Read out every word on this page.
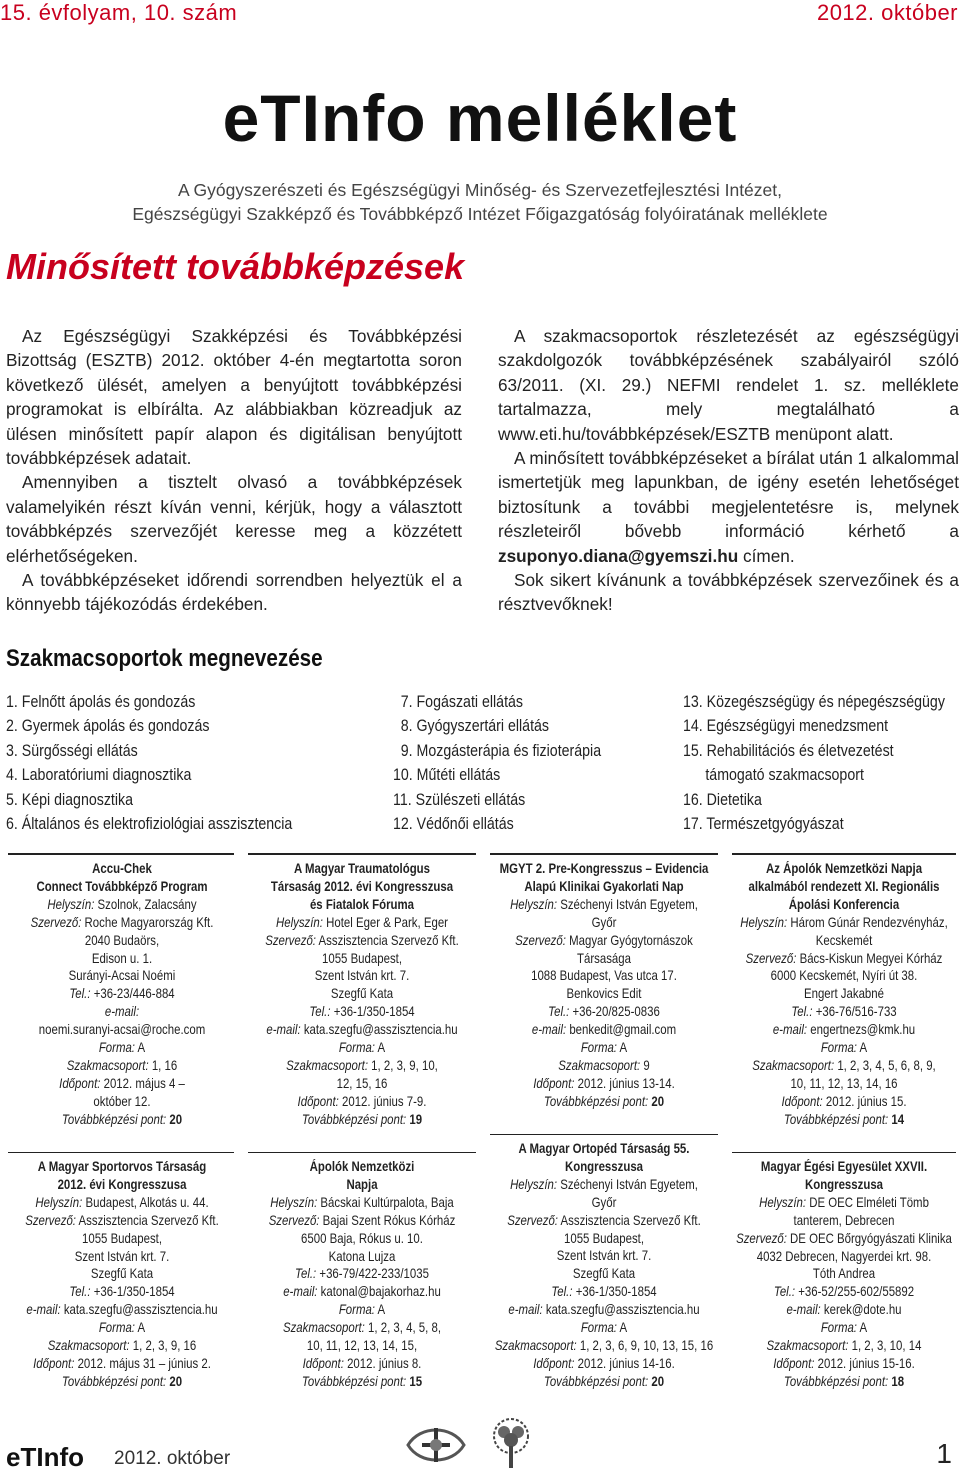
15. évfolyam, 10. szám	2012. október
eTInfo melléklet
A Gyógyszerészeti és Egészségügyi Minőség- és Szervezetfejlesztési Intézet,
Egészségügyi Szakképző és Továbbképző Intézet Főigazgatóság folyóiratának melléklete
Minősített továbbképzések

Az Egészségügyi Szakképzési és Továbbképzési Bizottság (ESZTB) 2012. október 4-én megtartotta soron következő ülését, amelyen a benyújtott továbbképzési programokat is elbírálta. Az alábbiakban közreadjuk az ülésen minősített papír alapon és digitálisan benyújtott továbbképzések adatait.

Amennyiben a tisztelt olvasó a továbbképzések valamelyikén részt kíván venni, kérjük, hogy a választott továbbképzés szervezőjét keresse meg a közzétett elérhetőségeken.

A továbbképzéseket időrendi sorrendben helyeztük el a könnyebb tájékozódás érdekében.

A szakmacsoportok részletezését az egészségügyi szakdolgozók továbbképzésének szabályairól szóló 63/2011. (XI. 29.) NEFMI rendelet 1. sz. melléklete tartalmazza, mely megtalálható a www.eti.hu/továbbképzések/ESZTB menüpont alatt.

A minősített továbbképzéseket a bírálat után 1 alkalommal ismertetjük meg lapunkban, de igény esetén lehetőséget biztosítunk a további megjelentetésre is, melynek részleteiről bővebb információ kérhető a zsuponyo.diana@gyemszi.hu címen.

Sok sikert kívánunk a továbbképzések szervezőinek és a résztvevőknek!

Szakmacsoportok megnevezése
1. Felnőtt ápolás és gondozás
2. Gyermek ápolás és gondozás
3. Sürgősségi ellátás
4. Laboratóriumi diagnosztika
5. Képi diagnosztika
6. Általános és elektrofiziológiai asszisztencia
7. Fogászati ellátás
8. Gyógyszertári ellátás
9. Mozgásterápia és fizioterápia
10. Műtéti ellátás
11. Szülészeti ellátás
12. Védőnői ellátás
13. Közegészségügy és népegészségügy
14. Egészségügyi menedzsment
15. Rehabilitációs és életvezetést
támogató szakmacsoport
16. Dietetika
17. Természetgyógyászat
Accu-Chek
Connect Továbbképző Program
Helyszín: Szolnok, Zalacsány
Szervező: Roche Magyarország Kft.
2040 Budaörs,
Edison u. 1.
Surányi-Acsai Noémi
Tel.: +36-23/446-884
e-mail:
noemi.suranyi-acsai@roche.com
Forma: A
Szakmacsoport: 1, 16
Időpont: 2012. május 4 –
október 12.
Továbbképzési pont: 20
A Magyar Sportorvos Társaság
2012. évi Kongresszusa
Helyszín: Budapest, Alkotás u. 44.
Szervező: Asszisztencia Szervező Kft.
1055 Budapest,
Szent István krt. 7.
Szegfű Kata
Tel.: +36-1/350-1854
e-mail: kata.szegfu@asszisztencia.hu
Forma: A
Szakmacsoport: 1, 2, 3, 9, 16
Időpont: 2012. május 31 – június 2.
Továbbképzési pont: 20
A Magyar Traumatológus
Társaság 2012. évi Kongresszusa
és Fiatalok Fóruma
Helyszín: Hotel Eger & Park, Eger
Szervező: Asszisztencia Szervező Kft.
1055 Budapest,
Szent István krt. 7.
Szegfű Kata
Tel.: +36-1/350-1854
e-mail: kata.szegfu@asszisztencia.hu
Forma: A
Szakmacsoport: 1, 2, 3, 9, 10,
12, 15, 16
Időpont: 2012. június 7-9.
Továbbképzési pont: 19
Ápolók Nemzetközi
Napja
Helyszín: Bácskai Kultúrpalota, Baja
Szervező: Bajai Szent Rókus Kórház
6500 Baja, Rókus u. 10.
Katona Lujza
Tel.: +36-79/422-233/1035
e-mail: katonal@bajakorhaz.hu
Forma: A
Szakmacsoport: 1, 2, 3, 4, 5, 8,
10, 11, 12, 13, 14, 15,
Időpont: 2012. június 8.
Továbbképzési pont: 15
MGYT 2. Pre-Kongresszus – Evidencia
Alapú Klinikai Gyakorlati Nap
Helyszín: Széchenyi István Egyetem,
Győr
Szervező: Magyar Gyógytornászok
Társasága
1088 Budapest, Vas utca 17.
Benkovics Edit
Tel.: +36-20/825-0836
e-mail: benkedit@gmail.com
Forma: A
Szakmacsoport: 9
Időpont: 2012. június 13-14.
Továbbképzési pont: 20
A Magyar Ortopéd Társaság 55.
Kongresszusa
Helyszín: Széchenyi István Egyetem,
Győr
Szervező: Asszisztencia Szervező Kft.
1055 Budapest,
Szent István krt. 7.
Szegfű Kata
Tel.: +36-1/350-1854
e-mail: kata.szegfu@asszisztencia.hu
Forma: A
Szakmacsoport: 1, 2, 3, 6, 9, 10, 13, 15, 16
Időpont: 2012. június 14-16.
Továbbképzési pont: 20
Az Ápolók Nemzetközi Napja
alkalmából rendezett XI. Regionális
Ápolási Konferencia
Helyszín: Három Gúnár Rendezvényház,
Kecskemét
Szervező: Bács-Kiskun Megyei Kórház
6000 Kecskemét, Nyíri út 38.
Engert Jakabné
Tel.: +36-76/516-733
e-mail: engertnezs@kmk.hu
Forma: A
Szakmacsoport: 1, 2, 3, 4, 5, 6, 8, 9,
10, 11, 12, 13, 14, 16
Időpont: 2012. június 15.
Továbbképzési pont: 14
Magyar Égési Egyesület XXVII.
Kongresszusa
Helyszín: DE OEC Elméleti Tömb
tanterem, Debrecen
Szervező: DE OEC Bőrgyógyászati Klinika
4032 Debrecen, Nagyerdei krt. 98.
Tóth Andrea
Tel.: +36-52/255-602/55892
e-mail: kerek@dote.hu
Forma: A
Szakmacsoport: 1, 2, 3, 10, 14
Időpont: 2012. június 15-16.
Továbbképzési pont: 18
eTInfo 2012. október	1
